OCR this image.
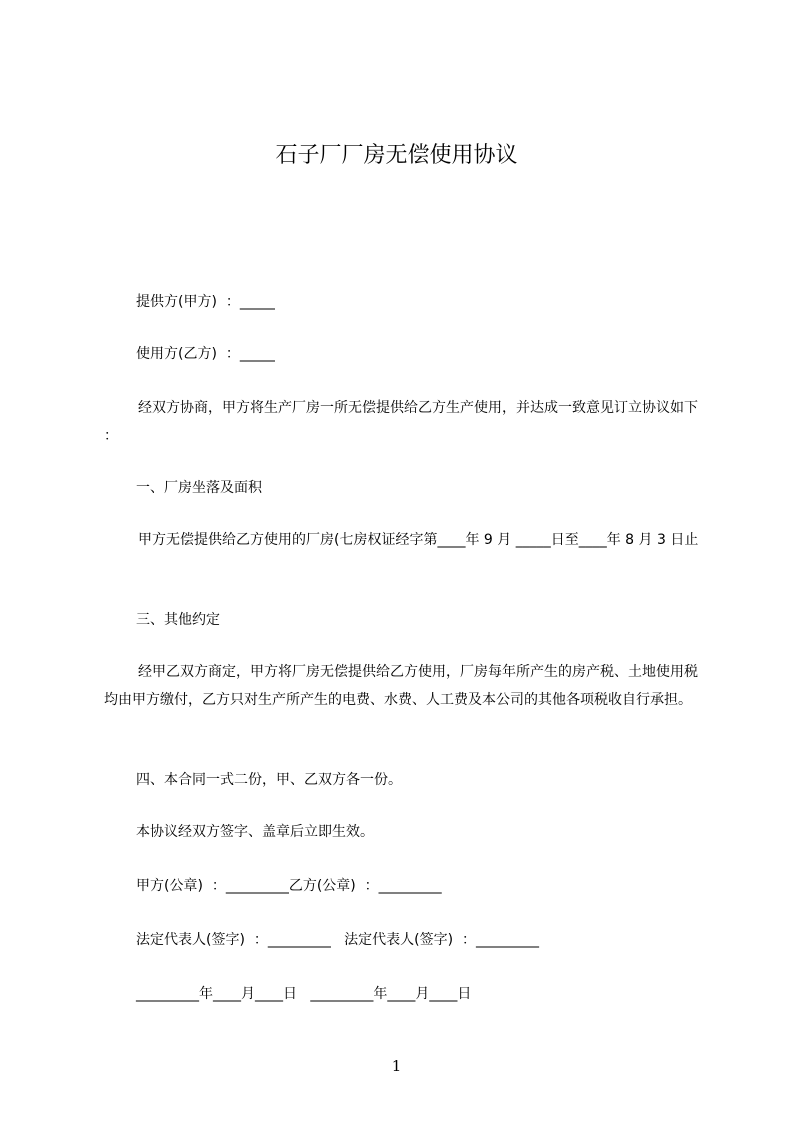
石子厂厂房无偿使用协议
提供方(甲方)  ：_____
使用方(乙方)  ：_____
经双方协商，甲方将生产厂房一所无偿提供给乙方生产使用，并达成一致意见订立协议如下 ：
一、厂房坐落及面积
甲方无偿提供给乙方使用的厂房(七房权证经字第____年 9 月 _____日至____年 8 月 3 日止
三、其他约定
经甲乙双方商定，甲方将厂房无偿提供给乙方使用，厂房每年所产生的房产税、土地使用税均由甲方缴付，乙方只对生产所产生的电费、水费、人工费及本公司的其他各项税收自行承担。
四、本合同一式二份，甲、乙双方各一份。
本协议经双方签字、盖章后立即生效。
甲方(公章)  ：_________乙方(公章)  ：_________
法定代表人(签字)  ：_________   法定代表人(签字)  ：_________
_________年____月____日   _________年____月____日
1
